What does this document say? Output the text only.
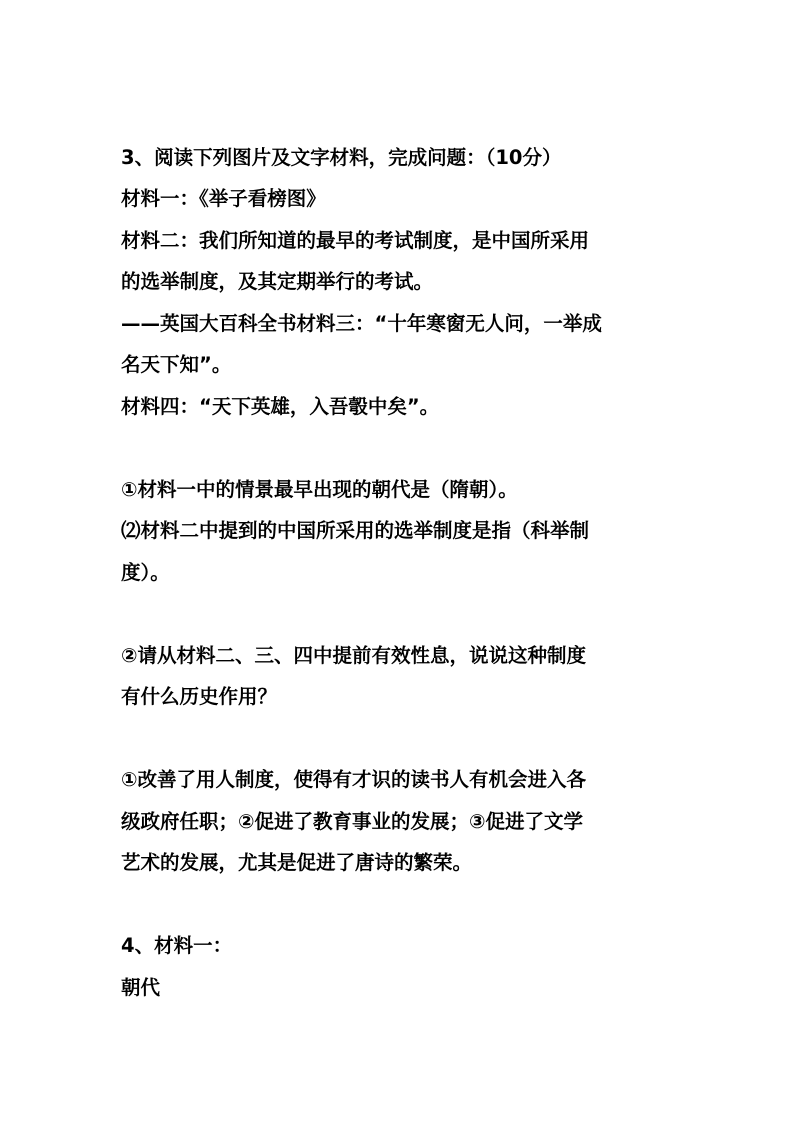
3、阅读下列图片及文字材料，完成问题：（10分）
材料一：《举子看榜图》
材料二：我们所知道的最早的考试制度，是中国所采用
的选举制度，及其定期举行的考试。
——英国大百科全书材料三：“十年寒窗无人问，一举成
名天下知”。
材料四：“天下英雄，入吾彀中矣”。
①材料一中的情景最早出现的朝代是（隋朝）。
⑵材料二中提到的中国所采用的选举制度是指（科举制
度）。
②请从材料二、三、四中提前有效性息，说说这种制度
有什么历史作用？
①改善了用人制度，使得有才识的读书人有机会进入各
级政府任职；②促进了教育事业的发展；③促进了文学
艺术的发展，尤其是促进了唐诗的繁荣。
4、材料一：
朝代
